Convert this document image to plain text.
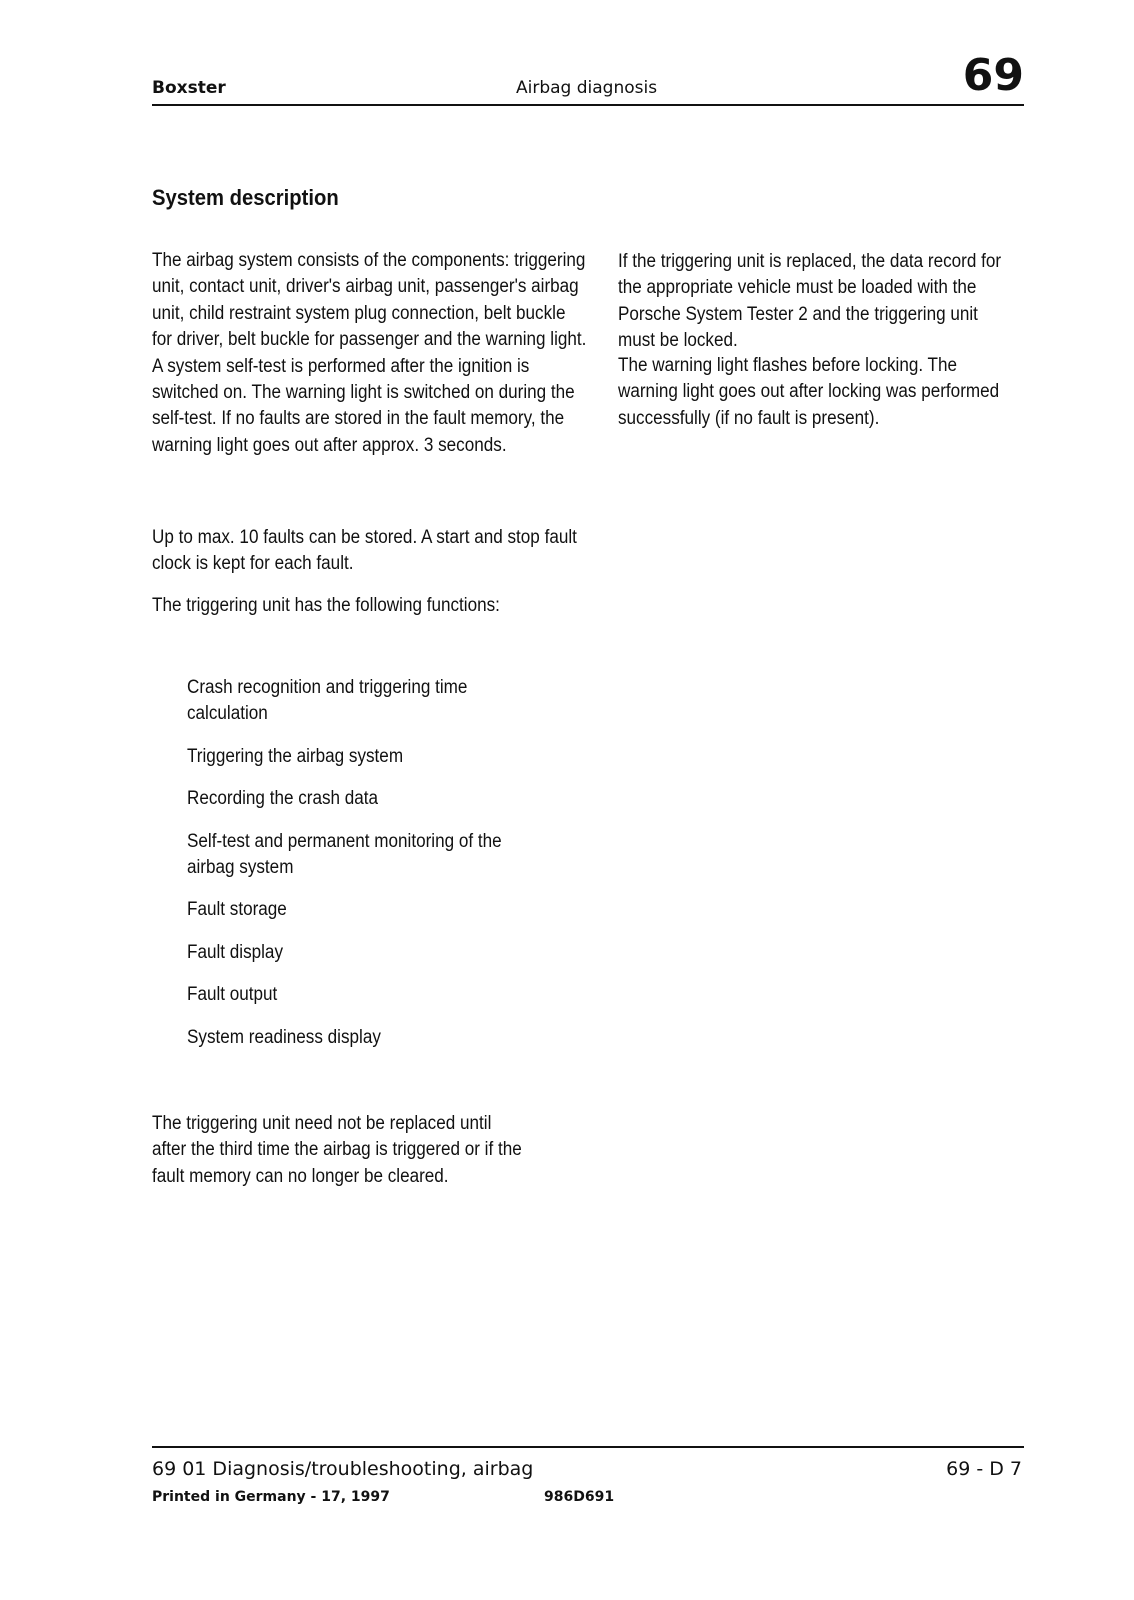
Boxster	Airbag diagnosis	69
System description

The airbag system consists of the components: triggering unit, contact unit, driver's airbag unit, passenger's airbag unit, child restraint system plug connection, belt buckle for driver, belt buckle for passenger and the warning light. A system self-test is performed after the ignition is switched on. The warning light is switched on during the self-test. If no faults are stored in the fault memory, the warning light goes out after approx. 3 seconds.

Up to max. 10 faults can be stored. A start and stop fault clock is kept for each fault.

The triggering unit has the following functions:

Crash recognition and triggering time calculation

Triggering the airbag system

Recording the crash data

Self-test and permanent monitoring of the airbag system

Fault storage

Fault display

Fault output

System readiness display

The triggering unit need not be replaced until after the third time the airbag is triggered or if the fault memory can no longer be cleared.

If the triggering unit is replaced, the data record for the appropriate vehicle must be loaded with the Porsche System Tester 2 and the triggering unit must be locked.

The warning light flashes before locking. The warning light goes out after locking was performed successfully (if no fault is present).

69 01 Diagnosis/troubleshooting, airbag	69 - D 7
Printed in Germany - 17, 1997	986D691
